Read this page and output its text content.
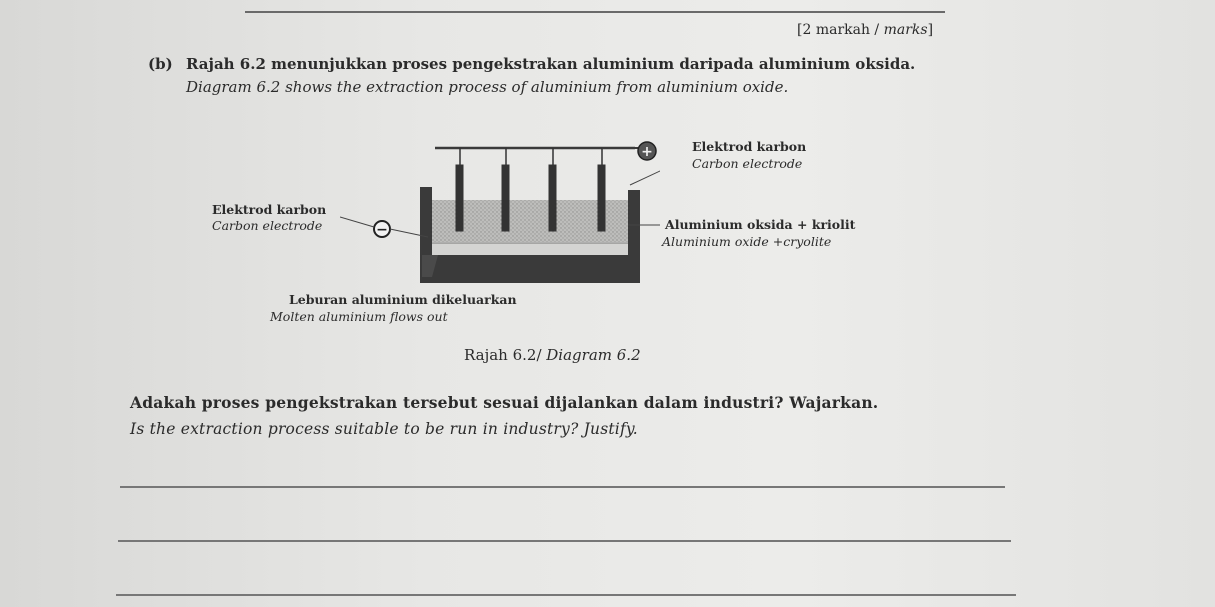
[2 markah / marks]

(b) Rajah 6.2 menunjukkan proses pengekstrakan aluminium daripada aluminium oksida.

Diagram 6.2 shows the extraction process of aluminium from aluminium oxide.

+
−

Elektrod karbon

Carbon electrode

Elektrod karbon

Carbon electrode	Aluminium oksida + kriolit

Aluminium oxide +cryolite

Leburan aluminium dikeluarkan

Molten aluminium flows out

Rajah 6.2/ Diagram 6.2

Adakah proses pengekstrakan tersebut sesuai dijalankan dalam industri? Wajarkan.

Is the extraction process suitable to be run in industry? Justify.
